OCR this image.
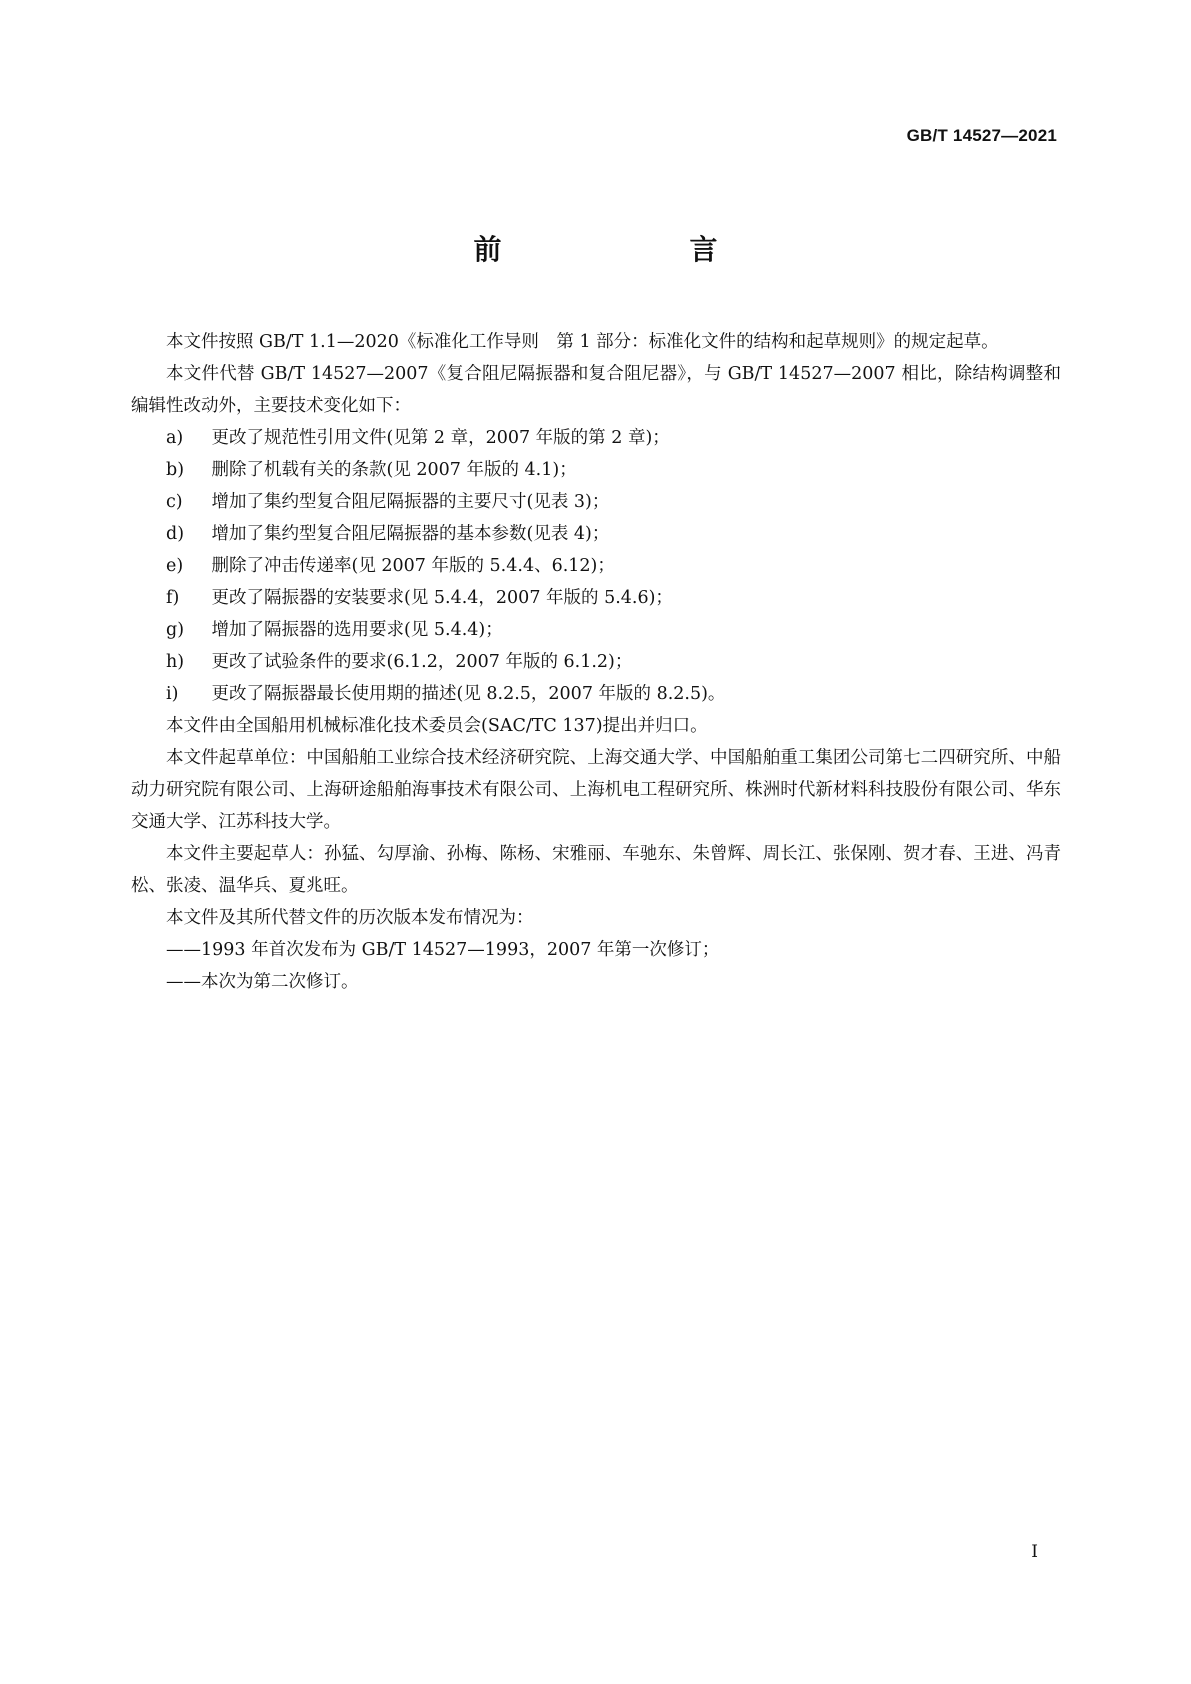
GB/T 14527—2021
前　　言

本文件按照 GB/T 1.1—2020《标准化工作导则　第 1 部分：标准化文件的结构和起草规则》的规定起草。

本文件代替 GB/T 14527—2007《复合阻尼隔振器和复合阻尼器》，与 GB/T 14527—2007 相比，除结构调整和编辑性改动外，主要技术变化如下：

a) 更改了规范性引用文件(见第 2 章，2007 年版的第 2 章)；

b) 删除了机载有关的条款(见 2007 年版的 4.1)；

c) 增加了集约型复合阻尼隔振器的主要尺寸(见表 3)；

d) 增加了集约型复合阻尼隔振器的基本参数(见表 4)；

e) 删除了冲击传递率(见 2007 年版的 5.4.4、6.12)；

f) 更改了隔振器的安装要求(见 5.4.4，2007 年版的 5.4.6)；

g) 增加了隔振器的选用要求(见 5.4.4)；

h) 更改了试验条件的要求(6.1.2，2007 年版的 6.1.2)；

i) 更改了隔振器最长使用期的描述(见 8.2.5，2007 年版的 8.2.5)。

本文件由全国船用机械标准化技术委员会(SAC/TC 137)提出并归口。

本文件起草单位：中国船舶工业综合技术经济研究院、上海交通大学、中国船舶重工集团公司第七二四研究所、中船动力研究院有限公司、上海研途船舶海事技术有限公司、上海机电工程研究所、株洲时代新材料科技股份有限公司、华东交通大学、江苏科技大学。

本文件主要起草人：孙猛、勾厚渝、孙梅、陈杨、宋雅丽、车驰东、朱曾辉、周长江、张保刚、贺才春、王进、冯青松、张凌、温华兵、夏兆旺。

本文件及其所代替文件的历次版本发布情况为：

——1993 年首次发布为 GB/T 14527—1993，2007 年第一次修订；

——本次为第二次修订。

I
